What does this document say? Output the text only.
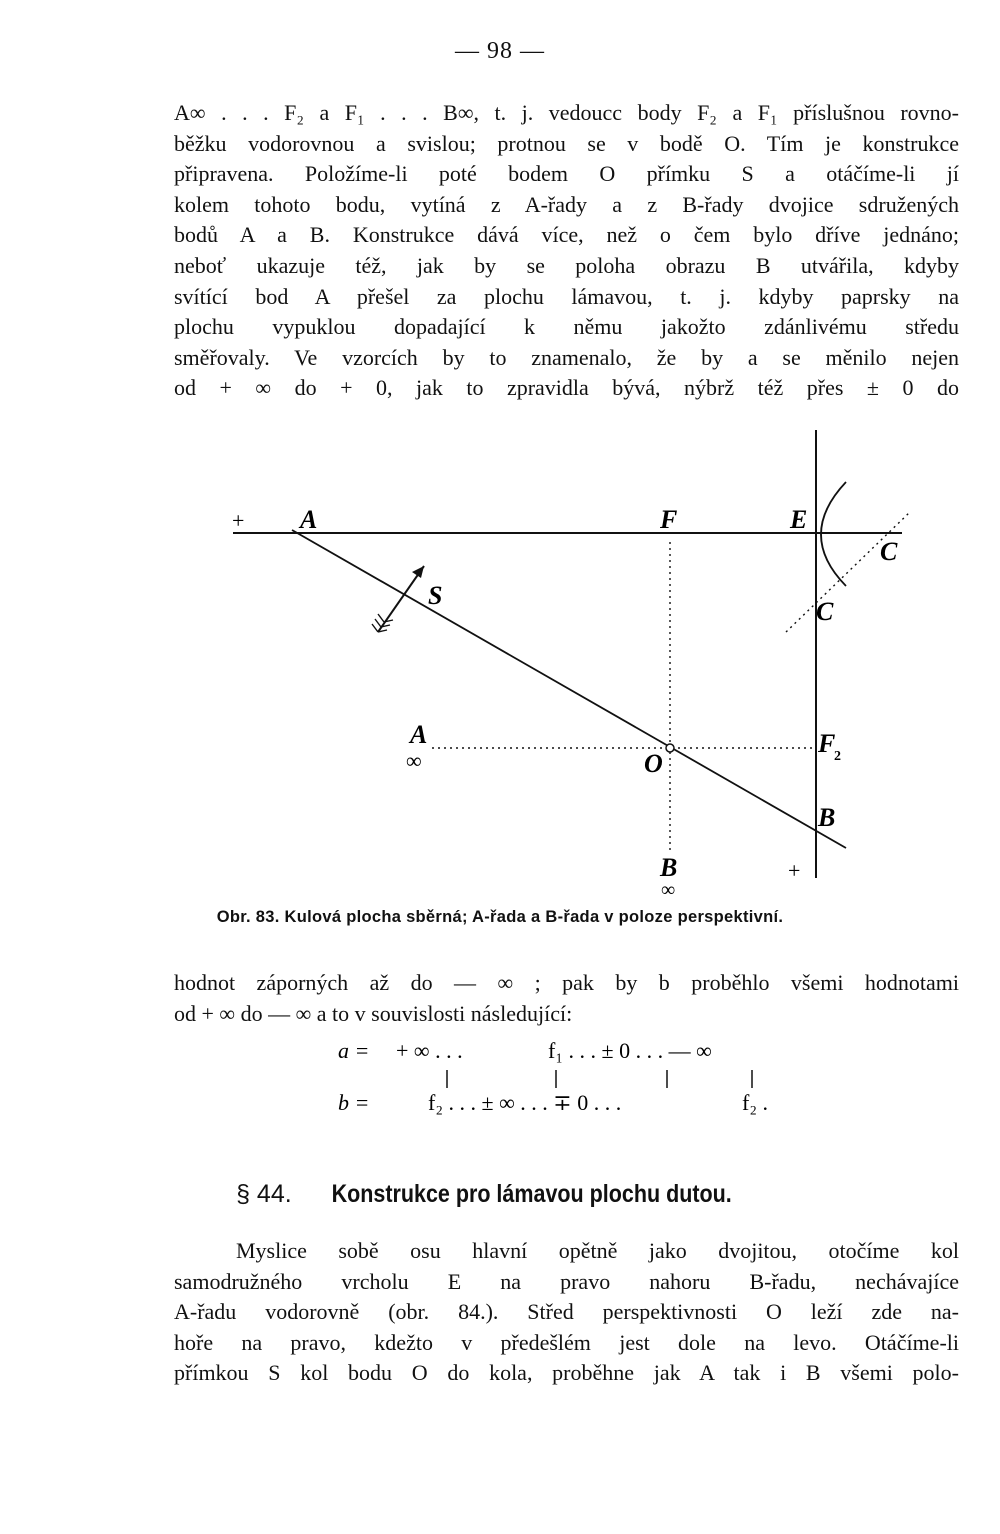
— 98 —
A∞ . . . F₂ a F₁ . . . B∞, t. j. vedoucc body F₂ a F₁ příslušnou rovno-
běžku vodorovnou a svislou; protnou se v bodě O. Tím je konstrukce
připravena. Položíme-li poté bodem O přímku S a otáčíme-li jí
kolem tohoto bodu, vytíná z A-řady a z B-řady dvojice sdružených
bodů A a B. Konstrukce dává více, než o čem bylo dříve jednáno;
neboť ukazuje též, jak by se poloha obrazu B utvářila, kdyby
svítící bod A přešel za plochu lámavou, t. j. kdyby paprsky na
plochu vypuklou dopadající k němu jakožto zdánlivému středu
směřovaly. Ve vzorcích by to znamenalo, že by a se měnilo nejen
od + ∞ do + 0, jak to zpravidla bývá, nýbrž též přes ± 0 do
+ A	F	E
C
S
C
A
∞	O
F
2
B
B
∞
+
a = + ∞ . . .	f₁ . . . ± 0 . . . — ∞
b =	f₂ . . . ± ∞ . . . ∓ 0 . . .	f₂ .
Obr. 83. Kulová plocha sběrná; A-řada a B-řada v poloze perspektivní.
hodnot záporných až do — ∞ ; pak by b proběhlo všemi hodnotami
od + ∞ do — ∞ a to v souvislosti následující:
§ 44. Konstrukce pro lámavou plochu dutou.
Myslice sobě osu hlavní opětně jako dvojitou, otočíme kol
samodružného vrcholu E na pravo nahoru B-řadu, nechávajíce
A-řadu vodorovně (obr. 84.). Střed perspektivnosti O leží zde na-
hoře na pravo, kdežto v předešlém jest dole na levo. Otáčíme-li
přímkou S kol bodu O do kola, proběhne jak A tak i B všemi polo-
